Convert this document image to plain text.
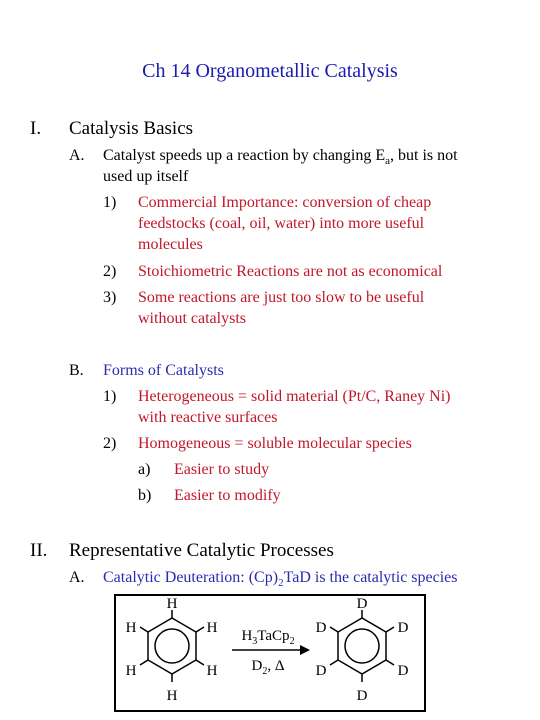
Ch 14 Organometallic Catalysis
I. Catalysis Basics
A. Catalyst speeds up a reaction by changing $E_a$, but is not
used up itself
1) Commercial Importance: conversion of cheap
feedstocks (coal, oil, water) into more useful
molecules
2) Stoichiometric Reactions are not as economical
3) Some reactions are just too slow to be useful
without catalysts
B. Forms of Catalysts
1) Heterogeneous = solid material (Pt/C, Raney Ni)
with reactive surfaces
2) Homogeneous = soluble molecular species
a) Easier to study
b) Easier to modify
II. Representative Catalytic Processes
A. Catalytic Deuteration: $(Cp)_2TaD$ is the catalytic species
H
H
H
H
H
H	$H_3TaCp_2$
$D_2$, Δ
D
D
D
D
D
D
